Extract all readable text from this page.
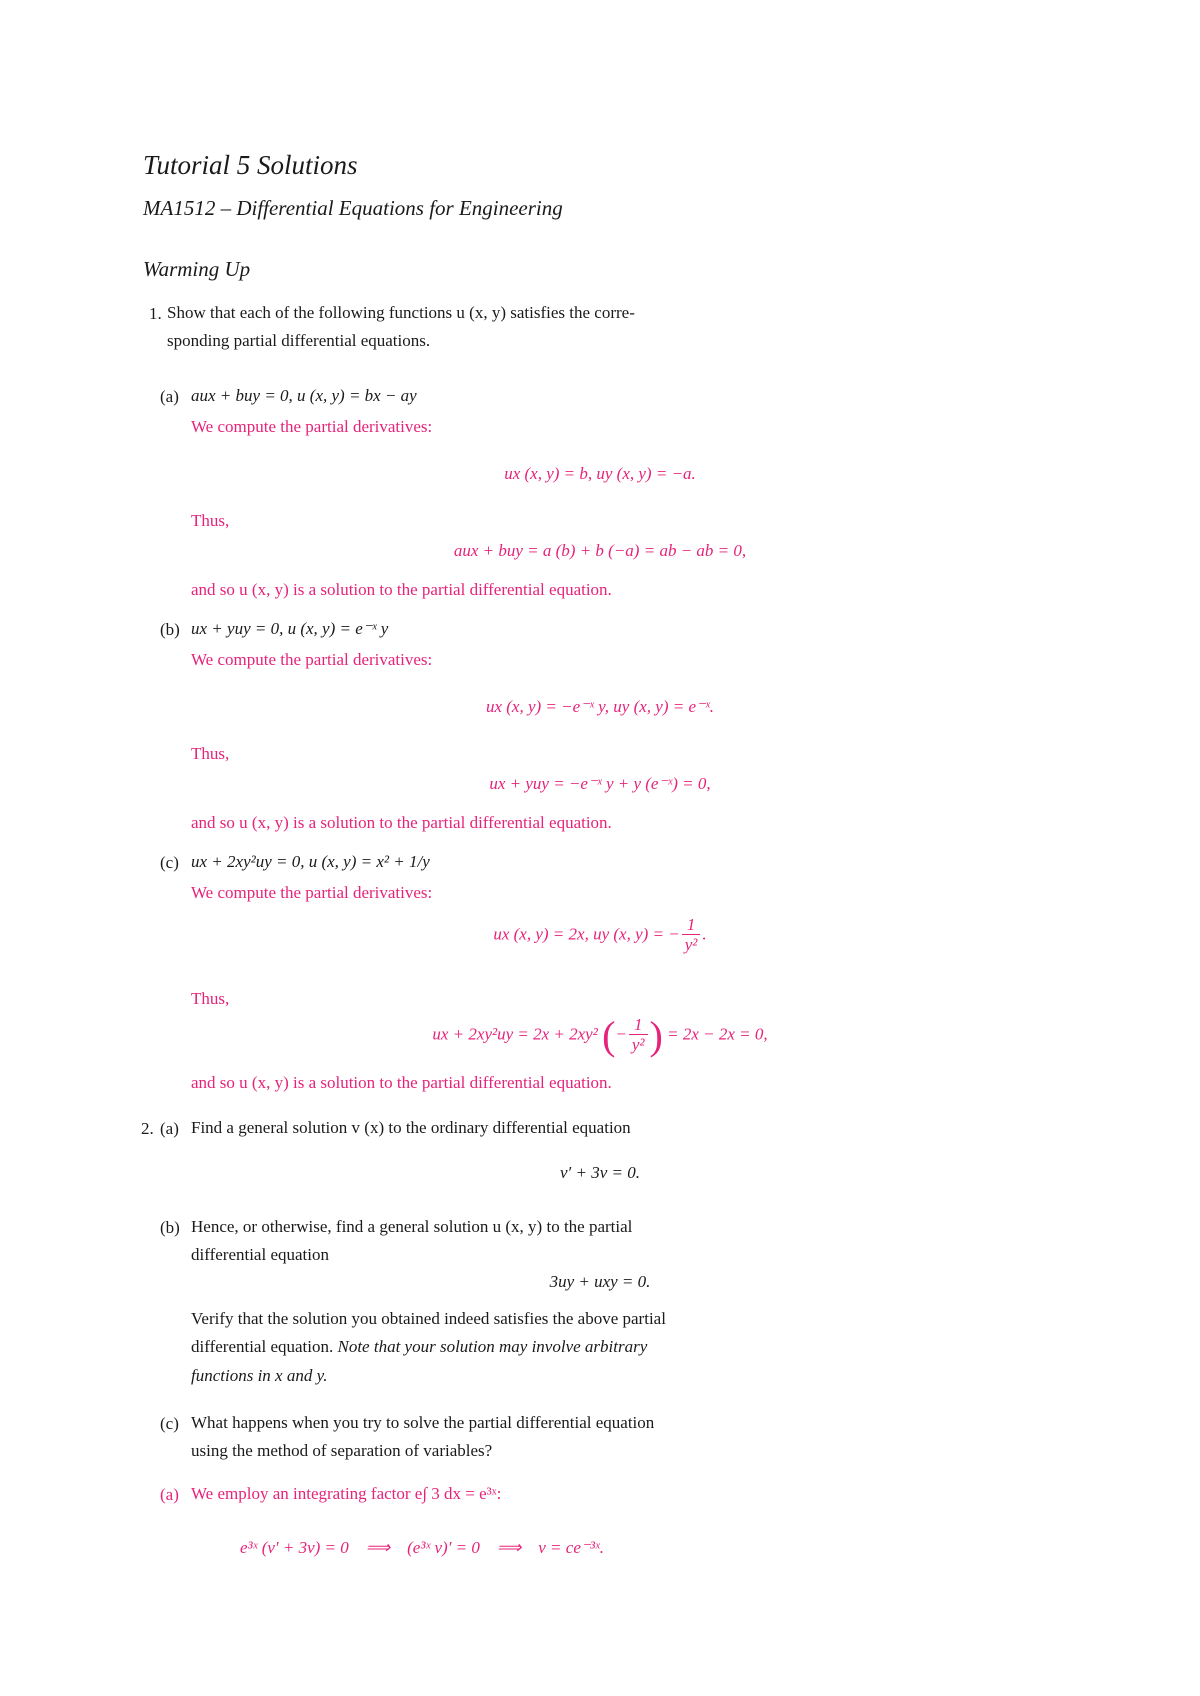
Tutorial 5 Solutions
MA1512 – Differential Equations for Engineering
Warming Up
1. Show that each of the following functions u (x, y) satisfies the corre-
sponding partial differential equations.
(a) aux + buy = 0, u (x, y) = bx − ay
We compute the partial derivatives:
ux (x, y) = b, uy (x, y) = −a.
Thus,
aux + buy = a (b) + b (−a) = ab − ab = 0,
and so u (x, y) is a solution to the partial differential equation.
(b) ux + yuy = 0, u (x, y) = e⁻ˣ y
We compute the partial derivatives:
ux (x, y) = −e⁻ˣ y, uy (x, y) = e⁻ˣ.
Thus,
ux + yuy = −e⁻ˣ y + y (e⁻ˣ) = 0,
and so u (x, y) is a solution to the partial differential equation.
(c) ux + 2xy²uy = 0, u (x, y) = x² + 1/y
We compute the partial derivatives:
ux (x, y) = 2x, uy (x, y) = − $\frac{1}{\text{y²}}$ .
Thus,
ux + 2xy²uy = 2x + 2xy² (− $\frac{1}{\text{y²}}$ ) = 2x − 2x = 0,
and so u (x, y) is a solution to the partial differential equation.
2. (a) Find a general solution v (x) to the ordinary differential equation
v′ + 3v = 0.
(b) Hence, or otherwise, find a general solution u (x, y) to the partial
differential equation
3uy + uxy = 0.
Verify that the solution you obtained indeed satisfies the above partial
differential equation. Note that your solution may involve arbitrary
functions in x and y.
(c) What happens when you try to solve the partial differential equation
using the method of separation of variables?
(a) We employ an integrating factor e∫ 3 dx = e³ˣ:
e³ˣ (v′ + 3v) = 0    ⟹    (e³ˣ v)′ = 0    ⟹    v = ce⁻³ˣ.
